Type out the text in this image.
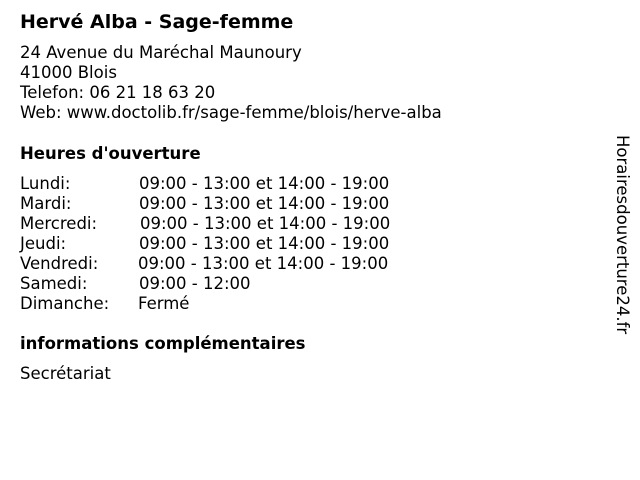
Hervé Alba - Sage-femme
24 Avenue du Maréchal Maunoury
41000 Blois
Telefon: 06 21 18 63 20
Web: www.doctolib.fr/sage-femme/blois/herve-alba
Heures d'ouverture
Lundi:	09:00 - 13:00 et 14:00 - 19:00
Mardi:	09:00 - 13:00 et 14:00 - 19:00
Mercredi:	09:00 - 13:00 et 14:00 - 19:00
Jeudi:	09:00 - 13:00 et 14:00 - 19:00
Vendredi: 09:00 - 13:00 et 14:00 - 19:00
Samedi:	09:00 - 12:00
Dimanche: Fermé
informations complémentaires
Secrétariat
Horairesdouverture24.fr
